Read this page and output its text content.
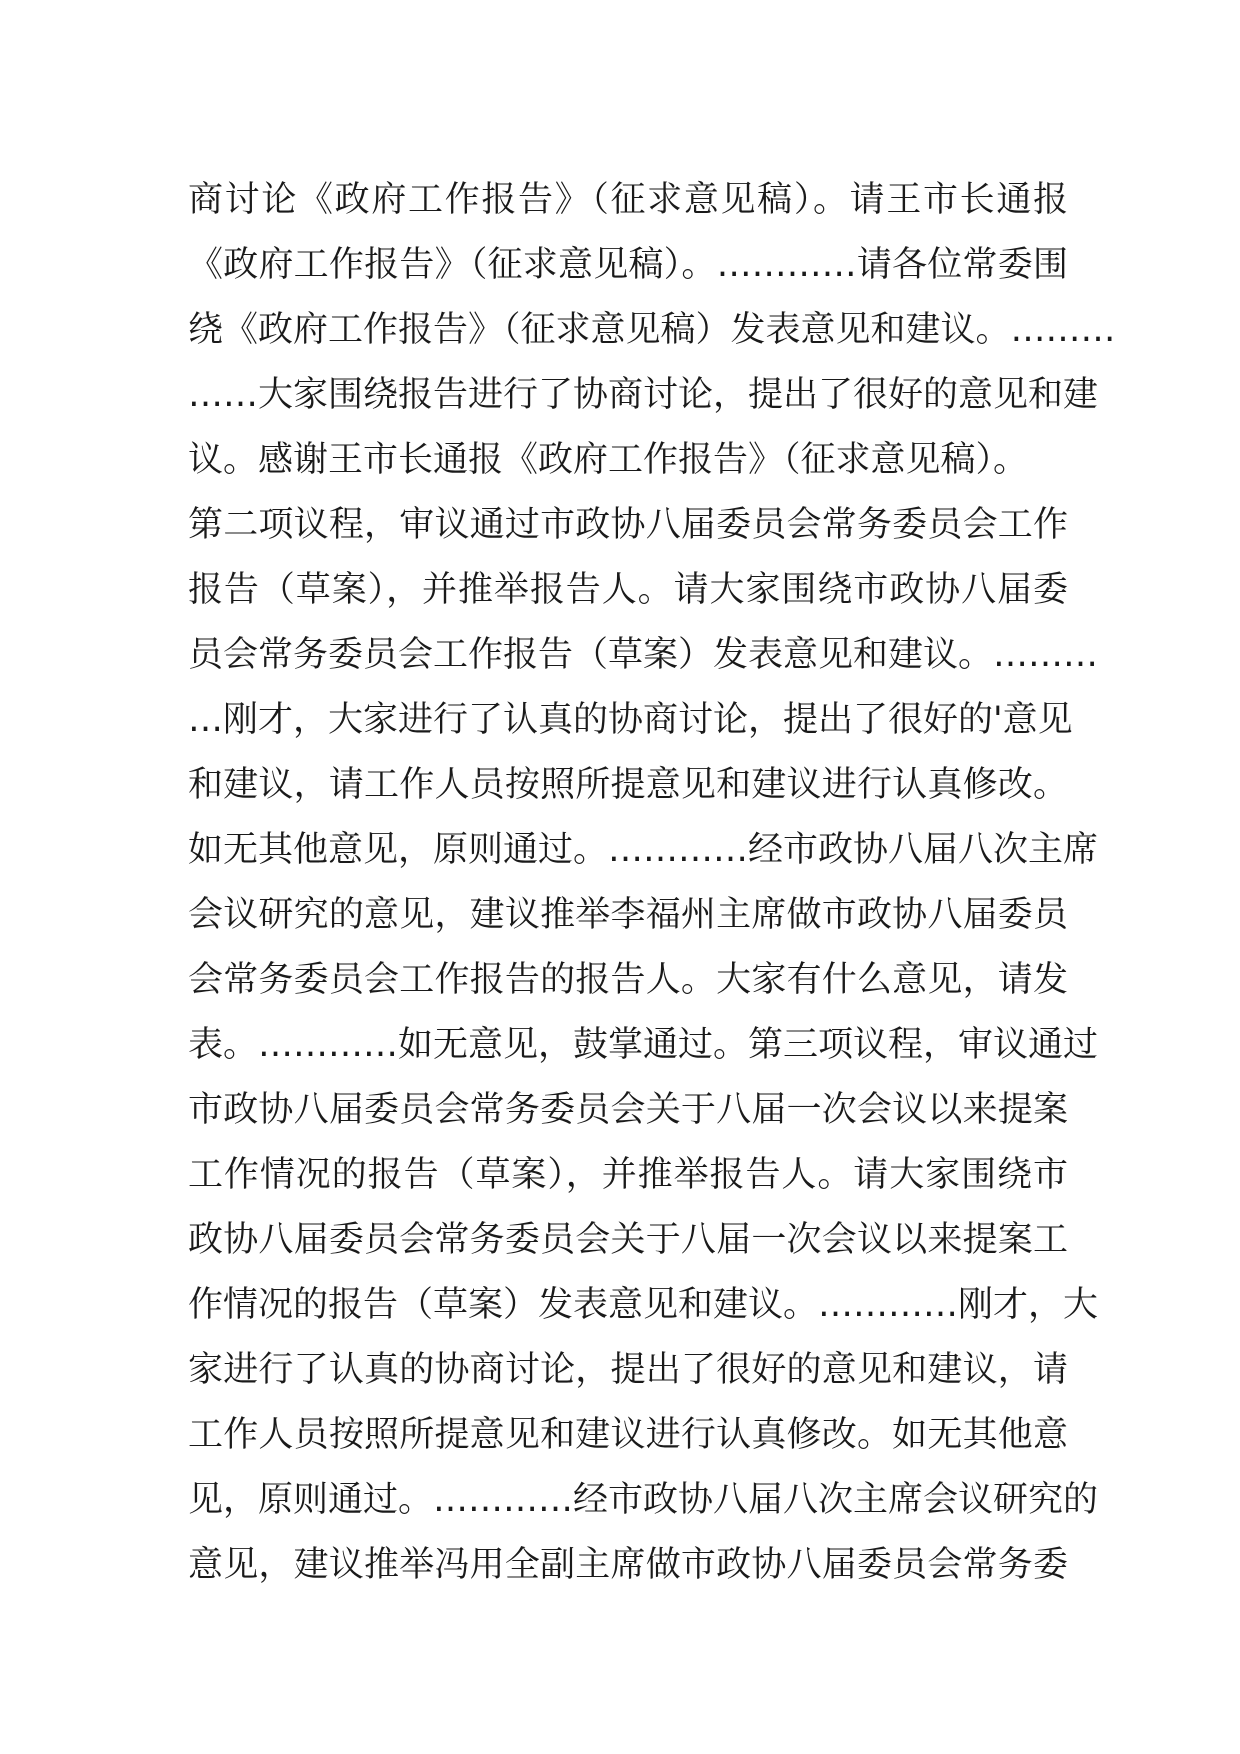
商讨论《政府工作报告》（征求意见稿）。请王市长通报
《政府工作报告》（征求意见稿）。…………请各位常委围
绕《政府工作报告》（征求意见稿）发表意见和建议。………
……大家围绕报告进行了协商讨论，提出了很好的意见和建
议。感谢王市长通报《政府工作报告》（征求意见稿）。
第二项议程，审议通过市政协八届委员会常务委员会工作
报告（草案），并推举报告人。请大家围绕市政协八届委
员会常务委员会工作报告（草案）发表意见和建议。………
…刚才，大家进行了认真的协商讨论，提出了很好的'意见
和建议，请工作人员按照所提意见和建议进行认真修改。
如无其他意见，原则通过。…………经市政协八届八次主席
会议研究的意见，建议推举李福州主席做市政协八届委员
会常务委员会工作报告的报告人。大家有什么意见，请发
表。…………如无意见，鼓掌通过。第三项议程，审议通过
市政协八届委员会常务委员会关于八届一次会议以来提案
工作情况的报告（草案），并推举报告人。请大家围绕市
政协八届委员会常务委员会关于八届一次会议以来提案工
作情况的报告（草案）发表意见和建议。…………刚才，大
家进行了认真的协商讨论，提出了很好的意见和建议，请
工作人员按照所提意见和建议进行认真修改。如无其他意
见，原则通过。…………经市政协八届八次主席会议研究的
意见，建议推举冯用全副主席做市政协八届委员会常务委
